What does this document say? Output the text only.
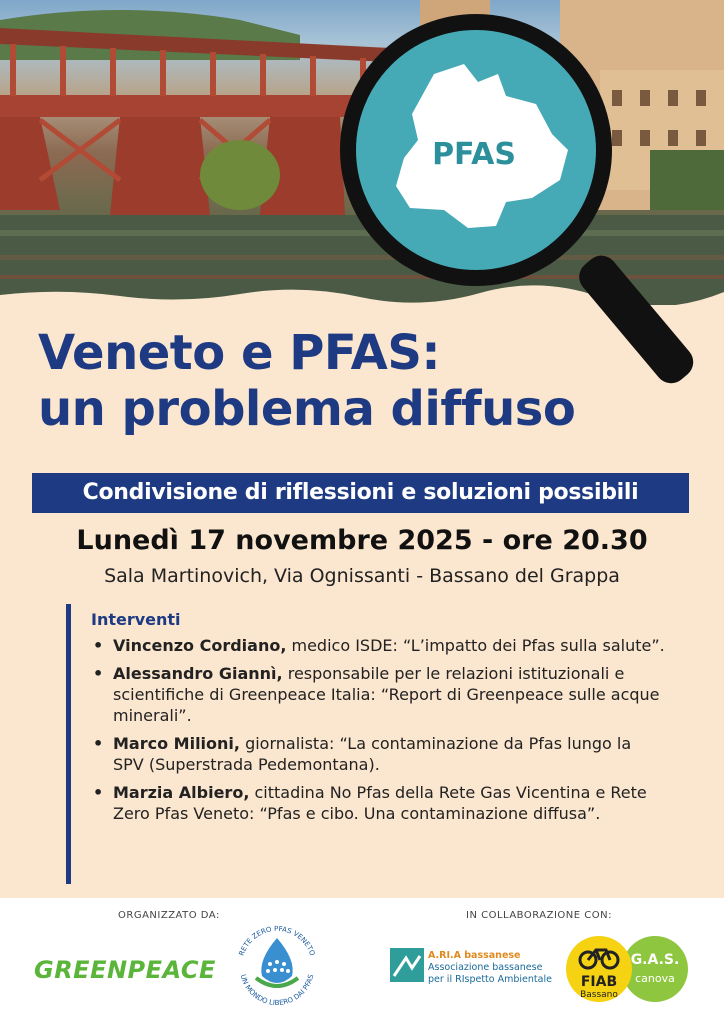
PFAS
Veneto e PFAS:
un problema diffuso
Condivisione di riflessioni e soluzioni possibili
Lunedì 17 novembre 2025 - ore 20.30
Sala Martinovich, Via Ognissanti - Bassano del Grappa
Interventi
• Vincenzo Cordiano, medico ISDE: “L’impatto dei Pfas sulla salute”.
• Alessandro Giannì, responsabile per le relazioni istituzionali e scientifiche di Greenpeace Italia: “Report di Greenpeace sulle acque minerali”.
• Marco Milioni, giornalista: “La contaminazione da Pfas lungo la SPV (Superstrada Pedemontana).
• Marzia Albiero, cittadina No Pfas della Rete Gas Vicentina e Rete Zero Pfas Veneto: “Pfas e cibo. Una contaminazione diffusa”.
ORGANIZZATO DA:	IN COLLABORAZIONE CON:
GREENPEACE
RETE ZERO PFAS VENETO
UN MONDO LIBERO DAI PFAS
A.RI.A bassanese
Associazione bassanese
per il RIspetto Ambientale
G.A.S.
canova
FIAB
Bassano
